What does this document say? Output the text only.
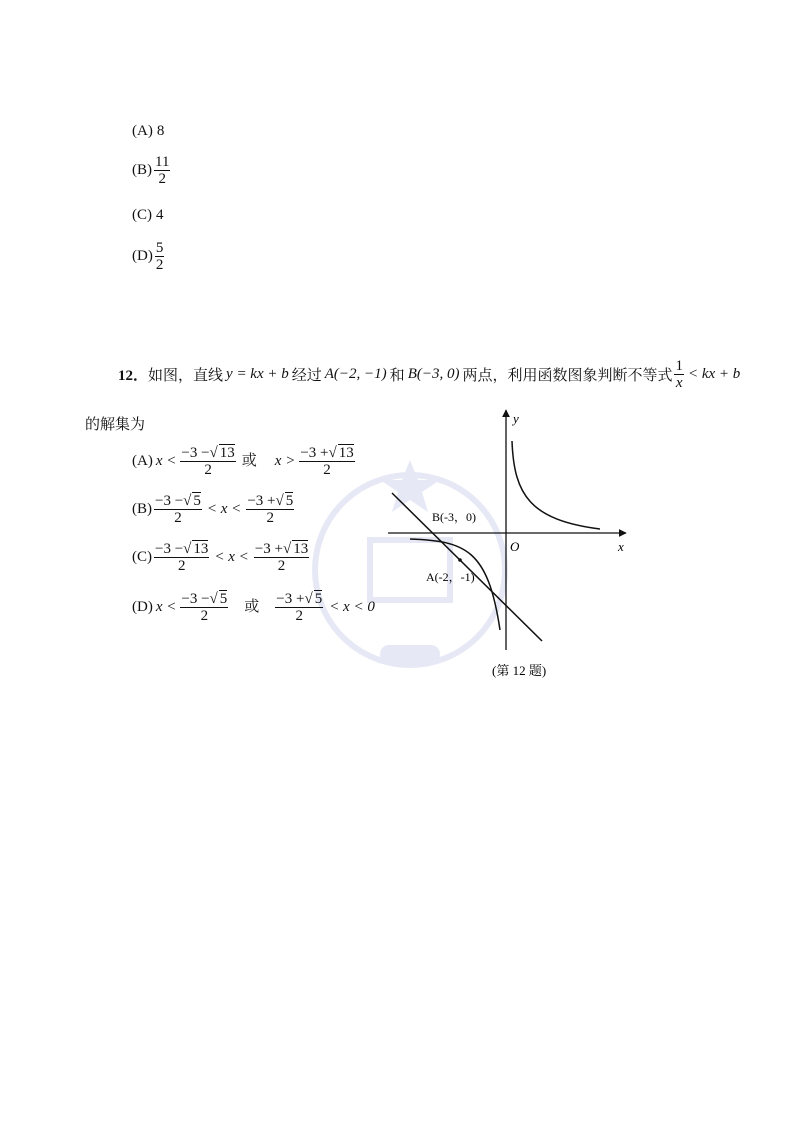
(A) 8
$(B) \frac{11}{2}$
(C) 4
$(D) \frac{5}{2}$
12． 如图，直线 y = kx + b 经过 A(−2, −1) 和 B(−3, 0) 两点，利用函数图象判断不等式 $\frac{1}{x}$ < kx + b
的解集为
(A) $x < \frac{-3 -√ 13}{2}$ 或 $x > \frac{-3 +√ 13}{2}$
$(B) \frac{-3 -√ 5}{2} < x < \frac{-3 +√ 5}{2}$
$(C) \frac{-3 -√ 13}{2} < x < \frac{-3 +√ 13}{2}$
(D) $x < \frac{-3 -√ 5}{2}$ 或 $\frac{-3 +√ 5}{2} < x < 0$
y
x
O
B(-3，0)
A(-2，-1)
(第 12 题)
